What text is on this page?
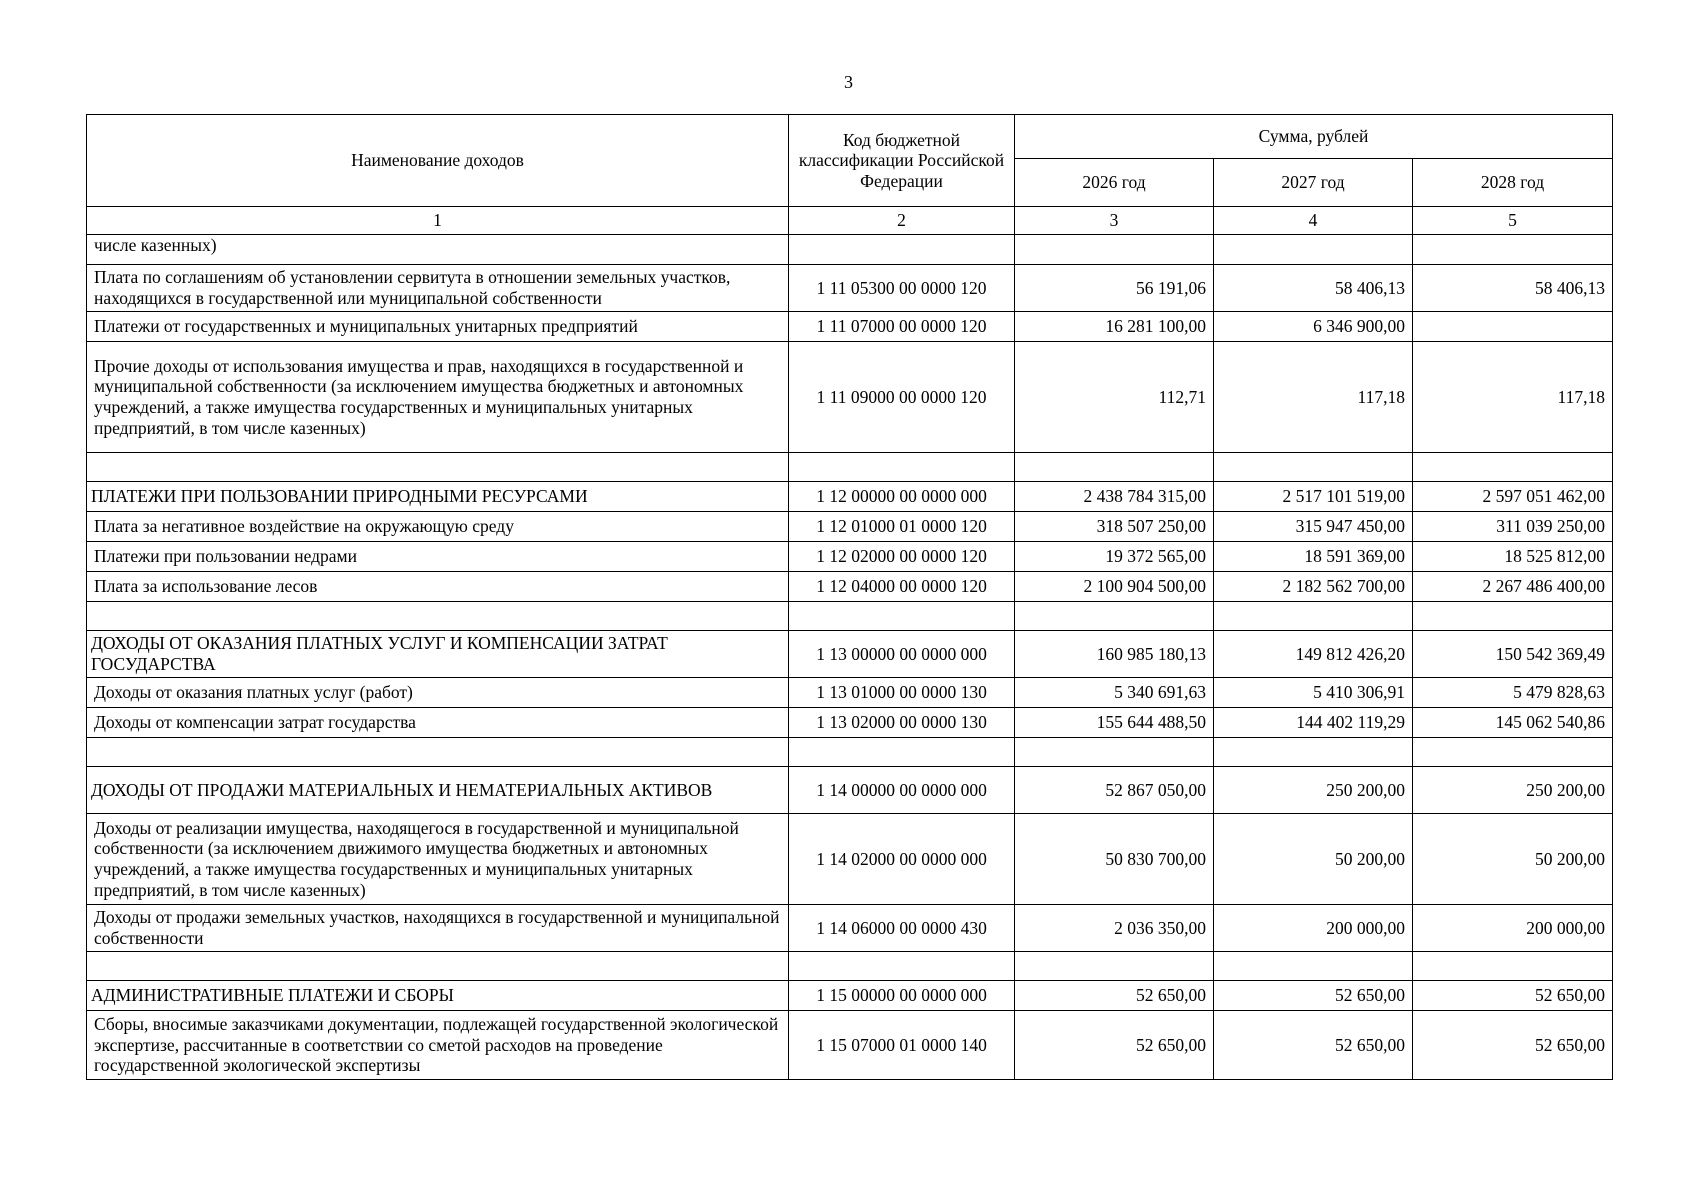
3
Наименование доходов	Код бюджетной классификации Российской Федерации	Сумма, рублей		
		2026 год	2027 год	2028 год
1	2	3	4	5
числе казенных)				
Плата по соглашениям об установлении сервитута в отношении земельных участков, находящихся в государственной или муниципальной собственности	1 11 05300 00 0000 120	56 191,06	58 406,13	58 406,13
Платежи от государственных и муниципальных унитарных предприятий	1 11 07000 00 0000 120	16 281 100,00	6 346 900,00	
Прочие доходы от использования имущества и прав, находящихся в государственной и муниципальной собственности (за исключением имущества бюджетных и автономных учреждений, а также имущества государственных и муниципальных унитарных предприятий, в том числе казенных)	1 11 09000 00 0000 120	112,71	117,18	117,18

ПЛАТЕЖИ ПРИ ПОЛЬЗОВАНИИ ПРИРОДНЫМИ РЕСУРСАМИ	1 12 00000 00 0000 000	2 438 784 315,00	2 517 101 519,00	2 597 051 462,00
Плата за негативное воздействие на окружающую среду	1 12 01000 01 0000 120	318 507 250,00	315 947 450,00	311 039 250,00
Платежи при пользовании недрами	1 12 02000 00 0000 120	19 372 565,00	18 591 369,00	18 525 812,00
Плата за использование лесов	1 12 04000 00 0000 120	2 100 904 500,00	2 182 562 700,00	2 267 486 400,00

ДОХОДЫ ОТ ОКАЗАНИЯ ПЛАТНЫХ УСЛУГ И КОМПЕНСАЦИИ ЗАТРАТ ГОСУДАРСТВА	1 13 00000 00 0000 000	160 985 180,13	149 812 426,20	150 542 369,49
Доходы от оказания платных услуг (работ)	1 13 01000 00 0000 130	5 340 691,63	5 410 306,91	5 479 828,63
Доходы от компенсации затрат государства	1 13 02000 00 0000 130	155 644 488,50	144 402 119,29	145 062 540,86

ДОХОДЫ ОТ ПРОДАЖИ МАТЕРИАЛЬНЫХ И НЕМАТЕРИАЛЬНЫХ АКТИВОВ	1 14 00000 00 0000 000	52 867 050,00	250 200,00	250 200,00
Доходы от реализации имущества, находящегося в государственной и муниципальной собственности (за исключением движимого имущества бюджетных и автономных учреждений, а также имущества государственных и муниципальных унитарных предприятий, в том числе казенных)	1 14 02000 00 0000 000	50 830 700,00	50 200,00	50 200,00
Доходы от продажи земельных участков, находящихся в государственной и муниципальной собственности	1 14 06000 00 0000 430	2 036 350,00	200 000,00	200 000,00

АДМИНИСТРАТИВНЫЕ ПЛАТЕЖИ И СБОРЫ	1 15 00000 00 0000 000	52 650,00	52 650,00	52 650,00
Сборы, вносимые заказчиками документации, подлежащей государственной экологической экспертизе, рассчитанные в соответствии со сметой расходов на проведение государственной экологической экспертизы	1 15 07000 01 0000 140	52 650,00	52 650,00	52 650,00
